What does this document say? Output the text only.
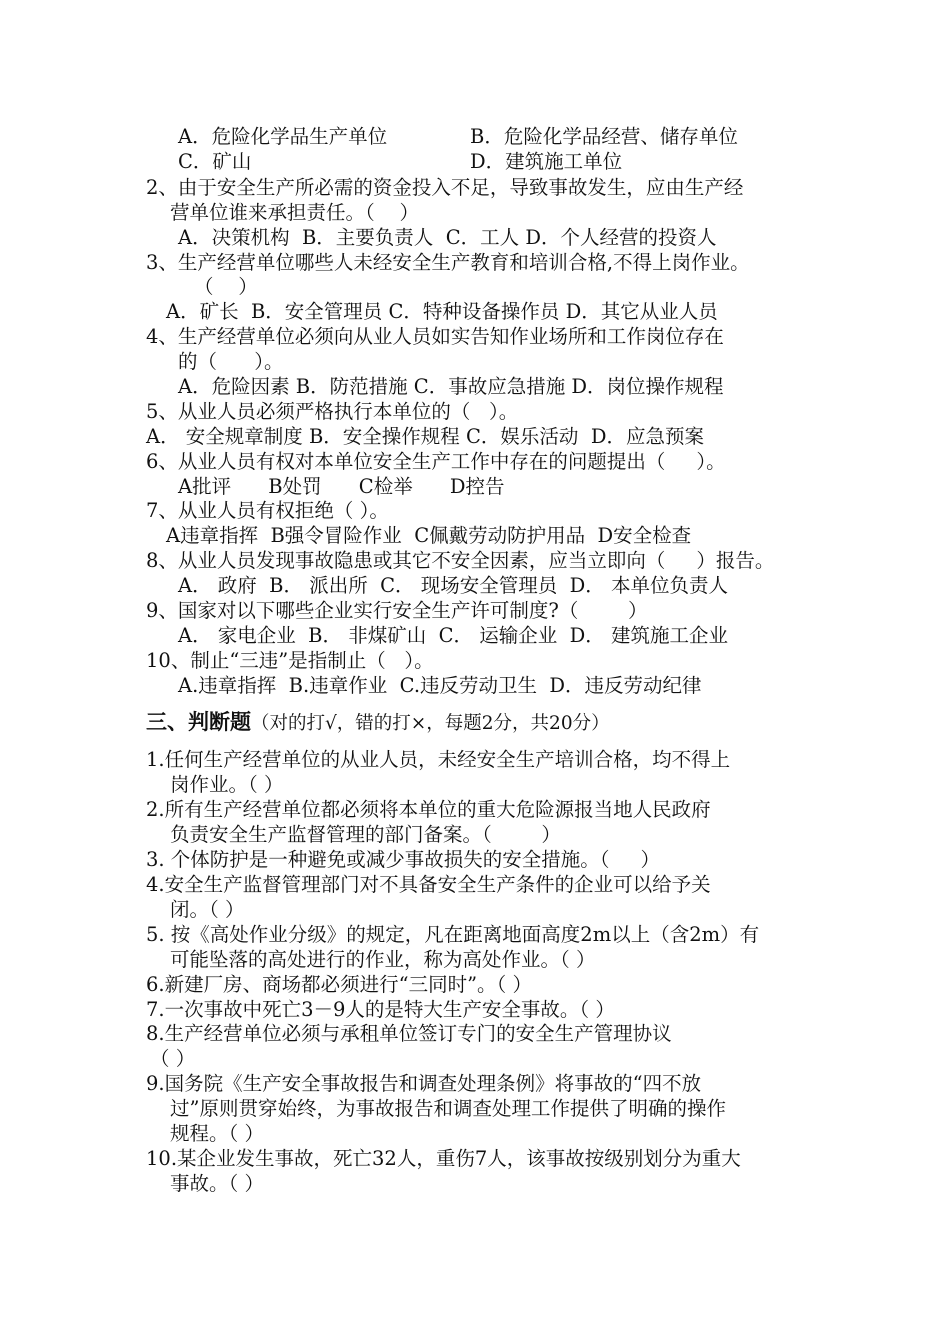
A．危险化学品生产单位	B．危险化学品经营、储存单位
C．矿山	D．建筑施工单位
2、由于安全生产所必需的资金投入不足，导致事故发生，应由生产经
营单位谁来承担责任。（    ）
A．决策机构  B．主要负责人  C．工人 D．个人经营的投资人
3、生产经营单位哪些人未经安全生产教育和培训合格,不得上岗作业。
（    ）
A．矿长  B．安全管理员 C．特种设备操作员 D．其它从业人员
4、生产经营单位必须向从业人员如实告知作业场所和工作岗位存在
的（      ）。
A．危险因素 B．防范措施 C．事故应急措施 D．岗位操作规程
5、从业人员必须严格执行本单位的（   ）。
A． 安全规章制度 B．安全操作规程 C．娱乐活动  D．应急预案
6、从业人员有权对本单位安全生产工作中存在的问题提出（     ）。
A批评      B处罚      C检举      D控告
7、从业人员有权拒绝（ ）。
A违章指挥  B强令冒险作业  C佩戴劳动防护用品  D安全检查
8、从业人员发现事故隐患或其它不安全因素，应当立即向（     ）报告。
A． 政府  B． 派出所  C． 现场安全管理员  D． 本单位负责人
9、国家对以下哪些企业实行安全生产许可制度?（        ）
A． 家电企业  B． 非煤矿山  C． 运输企业  D． 建筑施工企业
10、制止“三违”是指制止（   ）。
A.违章指挥  B.违章作业  C.违反劳动卫生  D．违反劳动纪律
三、判断题（对的打√，错的打×，每题2分，共20分）
1.任何生产经营单位的从业人员，未经安全生产培训合格，均不得上
岗作业。（ ）
2.所有生产经营单位都必须将本单位的重大危险源报当地人民政府
负责安全生产监督管理的部门备案。（        ）
3. 个体防护是一种避免或减少事故损失的安全措施。（     ）
4.安全生产监督管理部门对不具备安全生产条件的企业可以给予关
闭。（ ）
5. 按《高处作业分级》的规定，凡在距离地面高度2m以上（含2m）有
可能坠落的高处进行的作业，称为高处作业。（ ）
6.新建厂房、商场都必须进行“三同时”。（ ）
7.一次事故中死亡3－9人的是特大生产安全事故。（ ）
8.生产经营单位必须与承租单位签订专门的安全生产管理协议
（ ）
9.国务院《生产安全事故报告和调查处理条例》将事故的“四不放
过”原则贯穿始终，为事故报告和调查处理工作提供了明确的操作
规程。（ ）
10.某企业发生事故，死亡32人，重伤7人，该事故按级别划分为重大
事故。（ ）
